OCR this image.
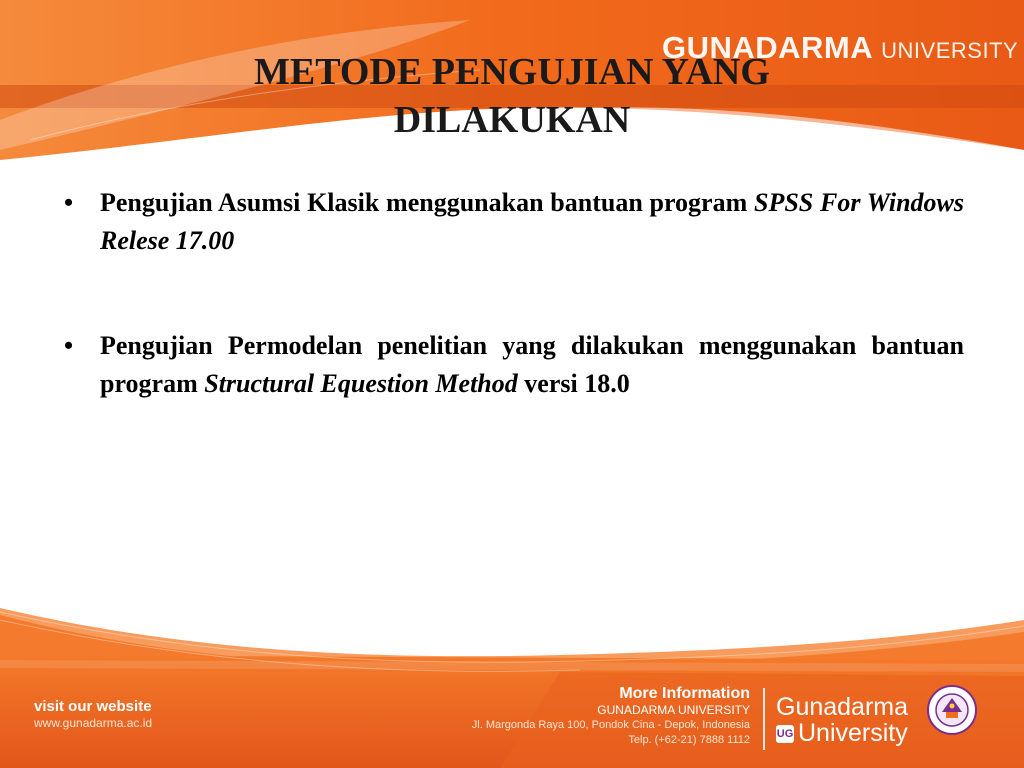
GUNADARMA UNIVERSITY
METODE PENGUJIAN YANG
DILAKUKAN
• Pengujian Asumsi Klasik menggunakan bantuan program SPSS For Windows Relese 17.00
• Pengujian Permodelan penelitian yang dilakukan menggunakan bantuan program Structural Equestion Method versi 18.0
visit our website
www.gunadarma.ac.id
More Information
GUNADARMA UNIVERSITY
Jl. Margonda Raya 100, Pondok Cina - Depok, Indonesia
Telp. (+62-21) 7888 1112
Gunadarma
UG University
